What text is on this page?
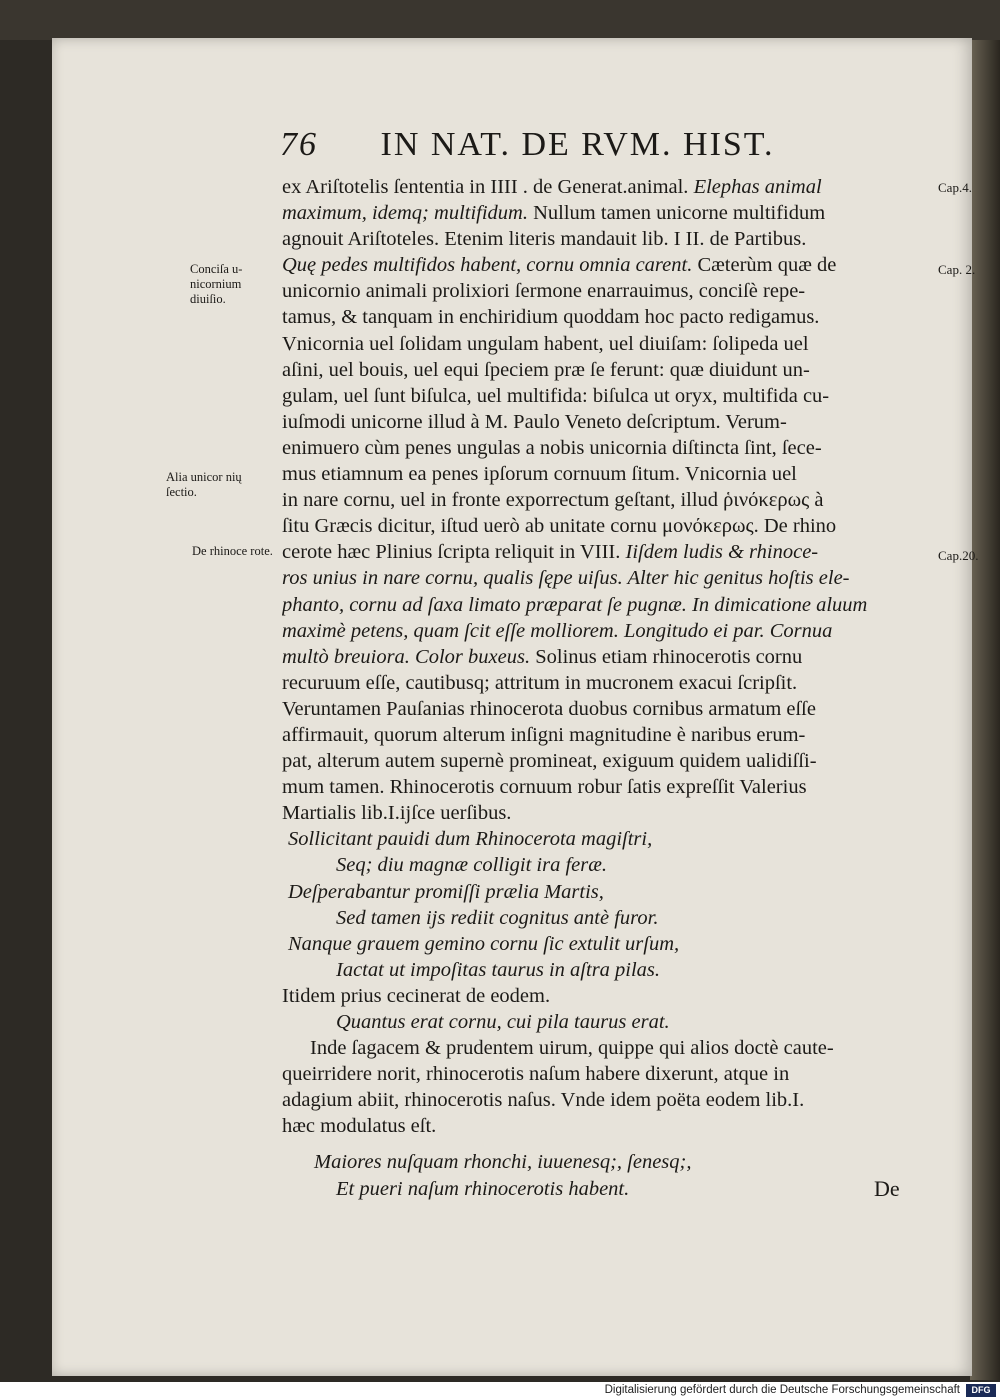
76 IN NAT. DE RVM. HIST.
Conciſa u-nicornium diuiſio.
Alia unicor nių ſectio.
De rhinoce rote.
Cap.4.
Cap. 2.
Cap.20.
ex Ariſtotelis ſententia in IIII . de Generat.animal. Elephas animal
maximum, idemq; multifidum. Nullum tamen unicorne multifidum
agnouit Ariſtoteles. Etenim literis mandauit lib. I II. de Partibus.
Quę pedes multifidos habent, cornu omnia carent. Cæterùm quæ de
unicornio animali prolixiori ſermone enarrauimus, conciſè repe-
tamus, & tanquam in enchiridium quoddam hoc pacto redigamus.
Vnicornia uel ſolidam ungulam habent, uel diuiſam: ſolipeda uel
aſini, uel bouis, uel equi ſpeciem præ ſe ferunt: quæ diuidunt un-
gulam, uel ſunt biſulca, uel multifida: biſulca ut oryx, multifida cu-
iuſmodi unicorne illud à M. Paulo Veneto deſcriptum. Verum-
enimuero cùm penes ungulas a nobis unicornia diſtincta ſint, ſece-
mus etiamnum ea penes ipſorum cornuum ſitum. Vnicornia uel
in nare cornu, uel in fronte exporrectum geſtant, illud ῥινόκερως à
ſitu Græcis dicitur, iſtud uerò ab unitate cornu μονόκερως. De rhino
cerote hæc Plinius ſcripta reliquit in VIII. Iiſdem ludis & rhinoce-
ros unius in nare cornu, qualis ſępe uiſus. Alter hic genitus hoſtis ele-
phanto, cornu ad ſaxa limato præparat ſe pugnæ. In dimicatione aluum
maximè petens, quam ſcit eſſe molliorem. Longitudo ei par. Cornua
multò breuiora. Color buxeus. Solinus etiam rhinocerotis cornu
recuruum eſſe, cautibusq; attritum in mucronem exacui ſcripſit.
Veruntamen Pauſanias rhinocerota duobus cornibus armatum eſſe
affirmauit, quorum alterum inſigni magnitudine è naribus erum-
pat, alterum autem supernè promineat, exiguum quidem ualidiſſi-
mum tamen. Rhinocerotis cornuum robur ſatis expreſſit Valerius
Martialis lib.I.ijſce uerſibus.
Sollicitant pauidi dum Rhinocerota magiſtri,
Seq; diu magnæ colligit ira feræ.
Deſperabantur promiſſi prælia Martis,
Sed tamen ijs rediit cognitus antè furor.
Nanque grauem gemino cornu ſic extulit urſum,
Iactat ut impoſitas taurus in aſtra pilas.
Itidem prius cecinerat de eodem.
Quantus erat cornu, cui pila taurus erat.
Inde ſagacem & prudentem uirum, quippe qui alios doctè caute-
queirridere norit, rhinocerotis naſum habere dixerunt, atque in
adagium abiit, rhinocerotis naſus. Vnde idem poëta eodem lib.I.
hæc modulatus eſt.
Maiores nuſquam rhonchi, iuuenesq;, ſenesq;,
Et pueri naſum rhinocerotis habent.	De
Digitalisierung gefördert durch die Deutsche Forschungsgemeinschaft	DFG
